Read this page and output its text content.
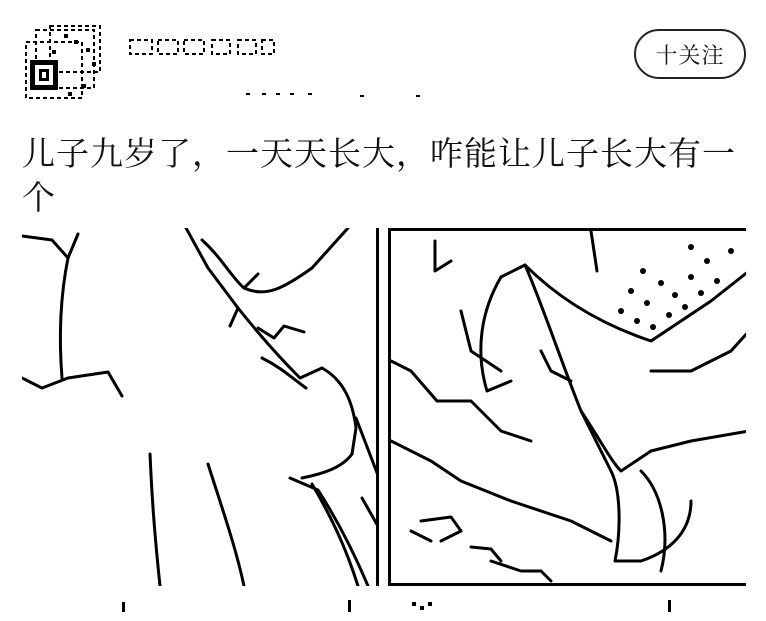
十关注
儿子九岁了，一天天长大，咋能让儿子长大有一个
